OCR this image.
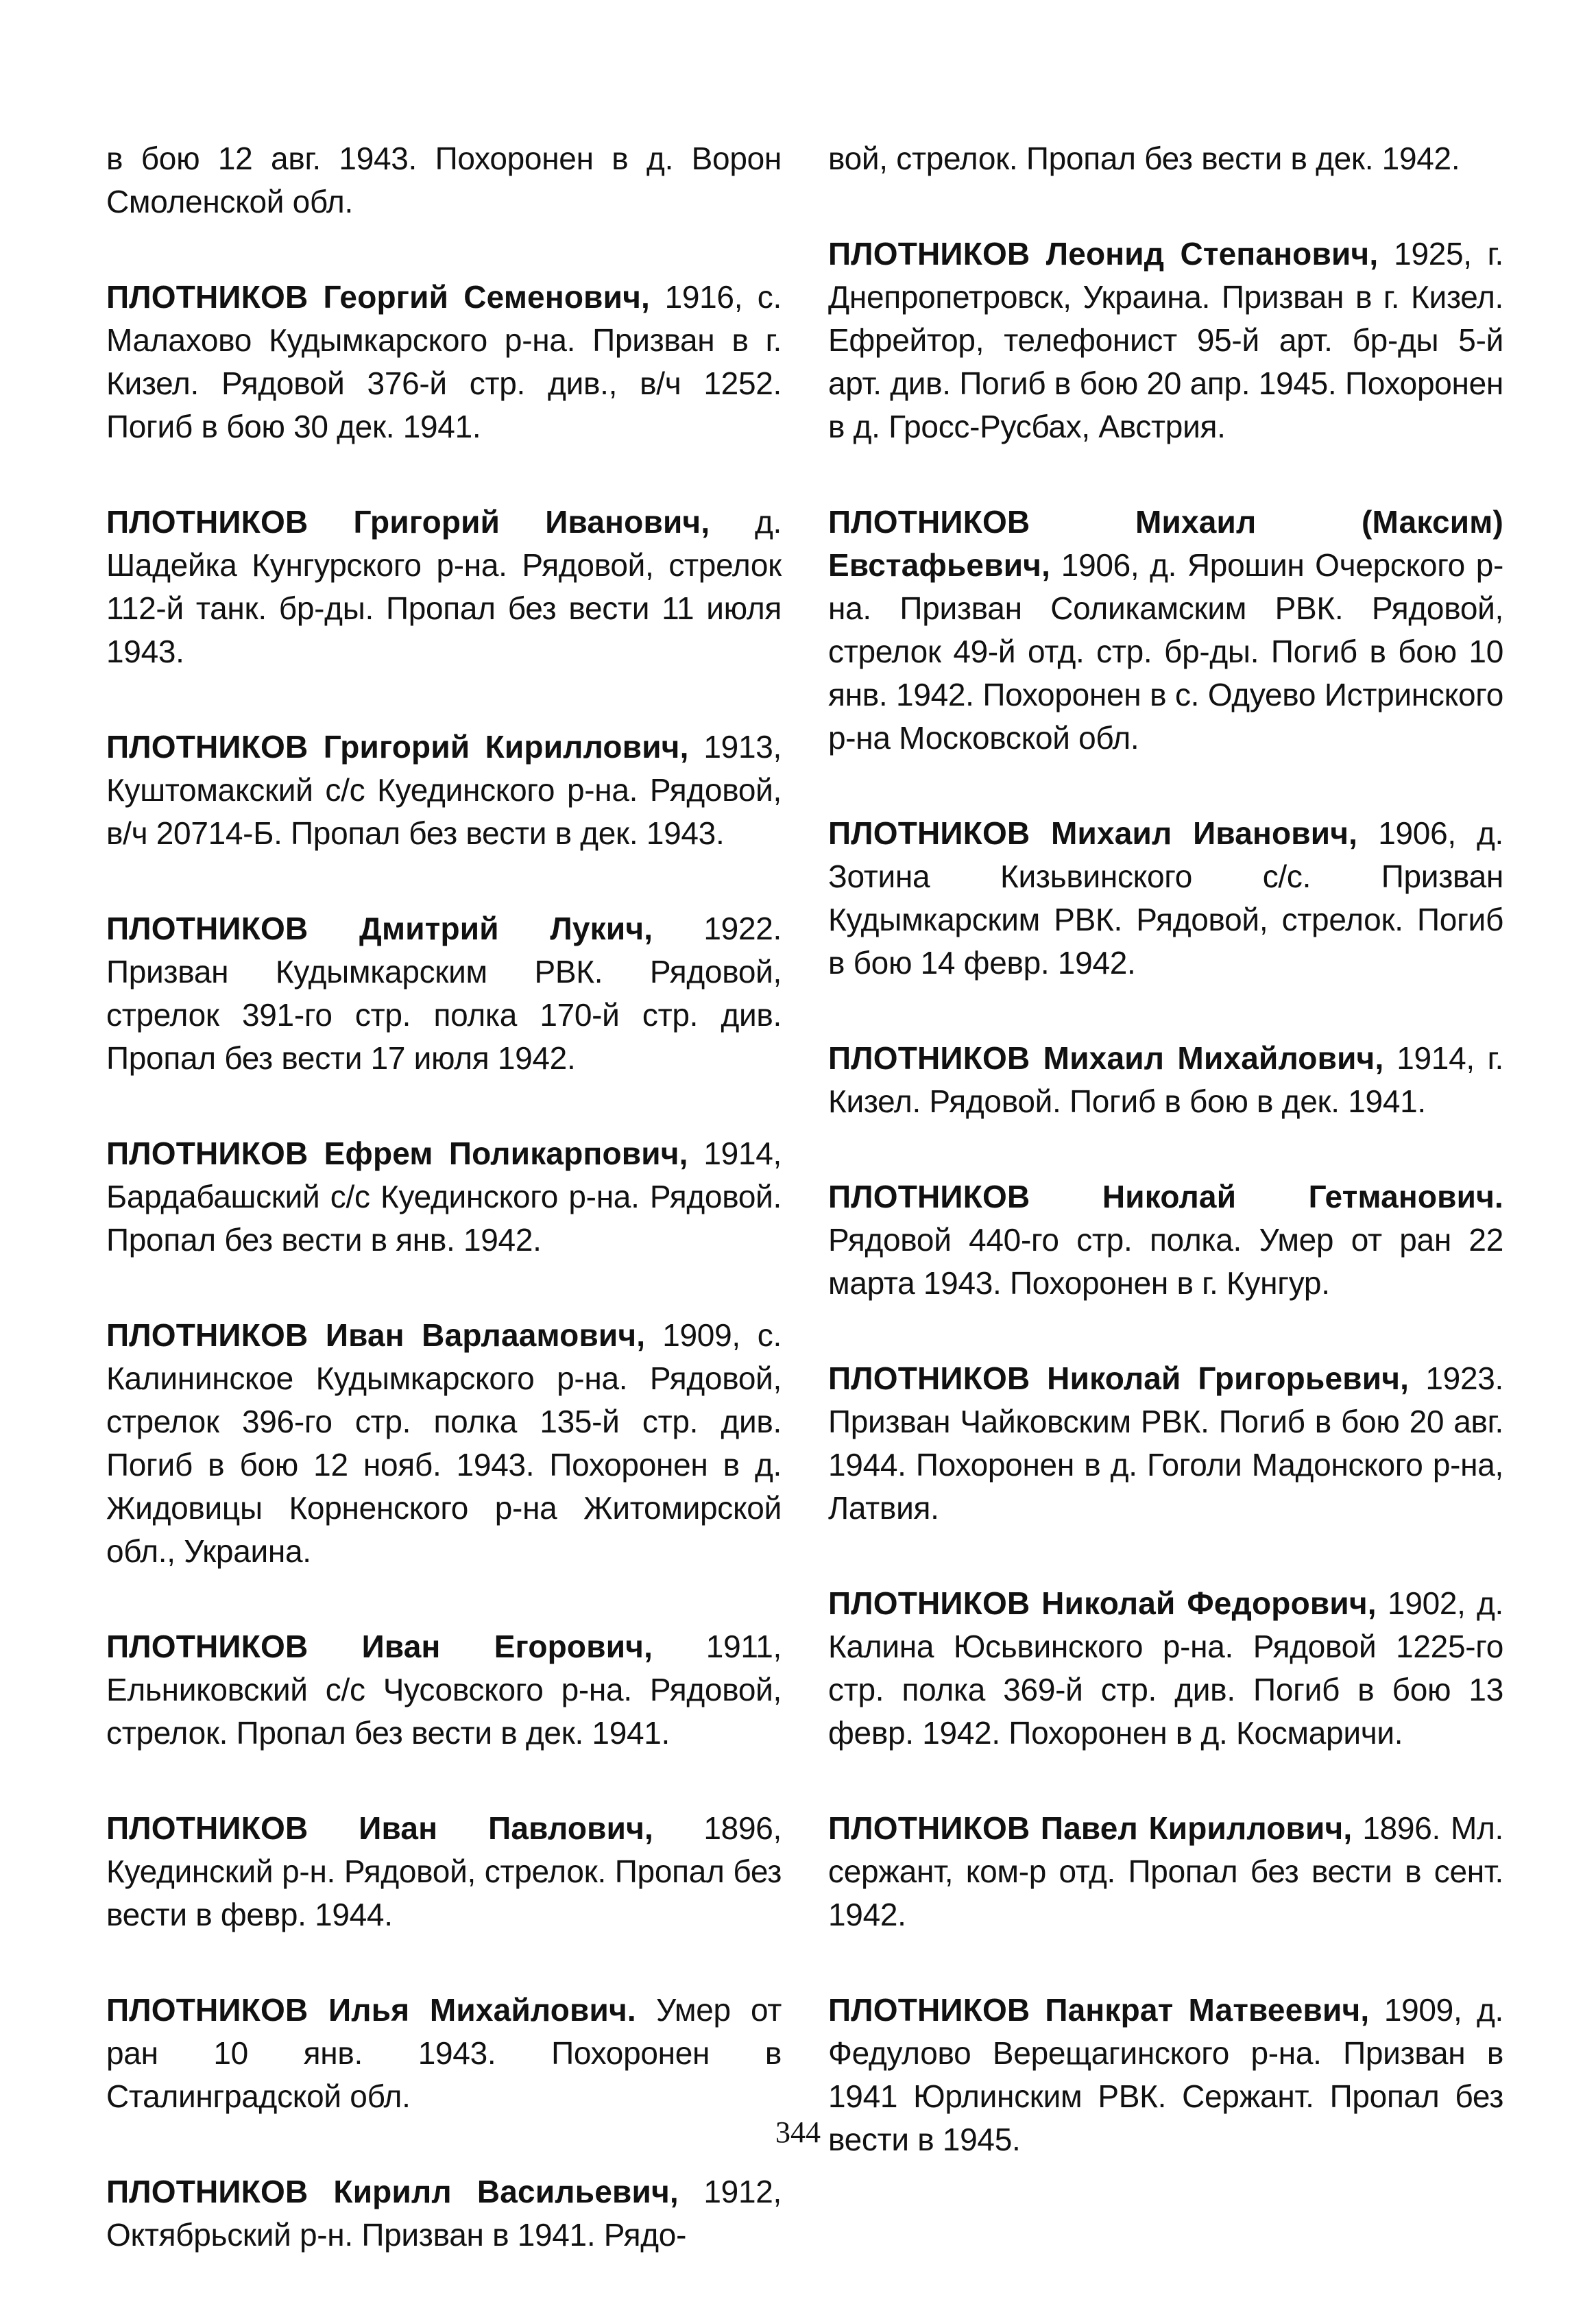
в бою 12 авг. 1943. Похоронен в д. Ворон Смоленской обл.

ПЛОТНИКОВ Георгий Семенович, 1916, с. Малахово Кудымкарского р-на. Призван в г. Кизел. Рядовой 376-й стр. див., в/ч 1252. Погиб в бою 30 дек. 1941.

ПЛОТНИКОВ Григорий Иванович, д. Шадейка Кунгурского р-на. Рядовой, стрелок 112-й танк. бр-ды. Пропал без вести 11 июля 1943.

ПЛОТНИКОВ Григорий Кириллович, 1913, Куштомакский с/с Куединского р-на. Рядовой, в/ч 20714-Б. Пропал без вести в дек. 1943.

ПЛОТНИКОВ Дмитрий Лукич, 1922. Призван Кудымкарским РВК. Рядовой, стрелок 391-го стр. полка 170-й стр. див. Пропал без вести 17 июля 1942.

ПЛОТНИКОВ Ефрем Поликарпович, 1914, Бардабашский с/с Куединского р-на. Рядовой. Пропал без вести в янв. 1942.

ПЛОТНИКОВ Иван Варлаамович, 1909, с. Калининское Кудымкарского р-на. Рядовой, стрелок 396-го стр. полка 135-й стр. див. Погиб в бою 12 нояб. 1943. Похоронен в д. Жидовицы Корненского р-на Житомирской обл., Украина.

ПЛОТНИКОВ Иван Егорович, 1911, Ельниковский с/с Чусовского р-на. Рядовой, стрелок. Пропал без вести в дек. 1941.

ПЛОТНИКОВ Иван Павлович, 1896, Куединский р-н. Рядовой, стрелок. Пропал без вести в февр. 1944.

ПЛОТНИКОВ Илья Михайлович. Умер от ран 10 янв. 1943. Похоронен в Сталинградской обл.

ПЛОТНИКОВ Кирилл Васильевич, 1912, Октябрьский р-н. Призван в 1941. Рядо-

вой, стрелок. Пропал без вести в дек. 1942.

ПЛОТНИКОВ Леонид Степанович, 1925, г. Днепропетровск, Украина. Призван в г. Кизел. Ефрейтор, телефонист 95-й арт. бр-ды 5-й арт. див. Погиб в бою 20 апр. 1945. Похоронен в д. Гросс-Русбах, Австрия.

ПЛОТНИКОВ Михаил (Максим) Евстафьевич, 1906, д. Ярошин Очерского р-на. Призван Соликамским РВК. Рядовой, стрелок 49-й отд. стр. бр-ды. Погиб в бою 10 янв. 1942. Похоронен в с. Одуево Истринского р-на Московской обл.

ПЛОТНИКОВ Михаил Иванович, 1906, д. Зотина Кизьвинского с/с. Призван Кудымкарским РВК. Рядовой, стрелок. Погиб в бою 14 февр. 1942.

ПЛОТНИКОВ Михаил Михайлович, 1914, г. Кизел. Рядовой. Погиб в бою в дек. 1941.

ПЛОТНИКОВ Николай Гетманович. Рядовой 440-го стр. полка. Умер от ран 22 марта 1943. Похоронен в г. Кунгур.

ПЛОТНИКОВ Николай Григорьевич, 1923. Призван Чайковским РВК. Погиб в бою 20 авг. 1944. Похоронен в д. Гоголи Мадонского р-на, Латвия.

ПЛОТНИКОВ Николай Федорович, 1902, д. Калина Юсьвинского р-на. Рядовой 1225-го стр. полка 369-й стр. див. Погиб в бою 13 февр. 1942. Похоронен в д. Космаричи.

ПЛОТНИКОВ Павел Кириллович, 1896. Мл. сержант, ком-р отд. Пропал без вести в сент. 1942.

ПЛОТНИКОВ Панкрат Матвеевич, 1909, д. Федулово Верещагинского р-на. Призван в 1941 Юрлинским РВК. Сержант. Пропал без вести в 1945.

344
